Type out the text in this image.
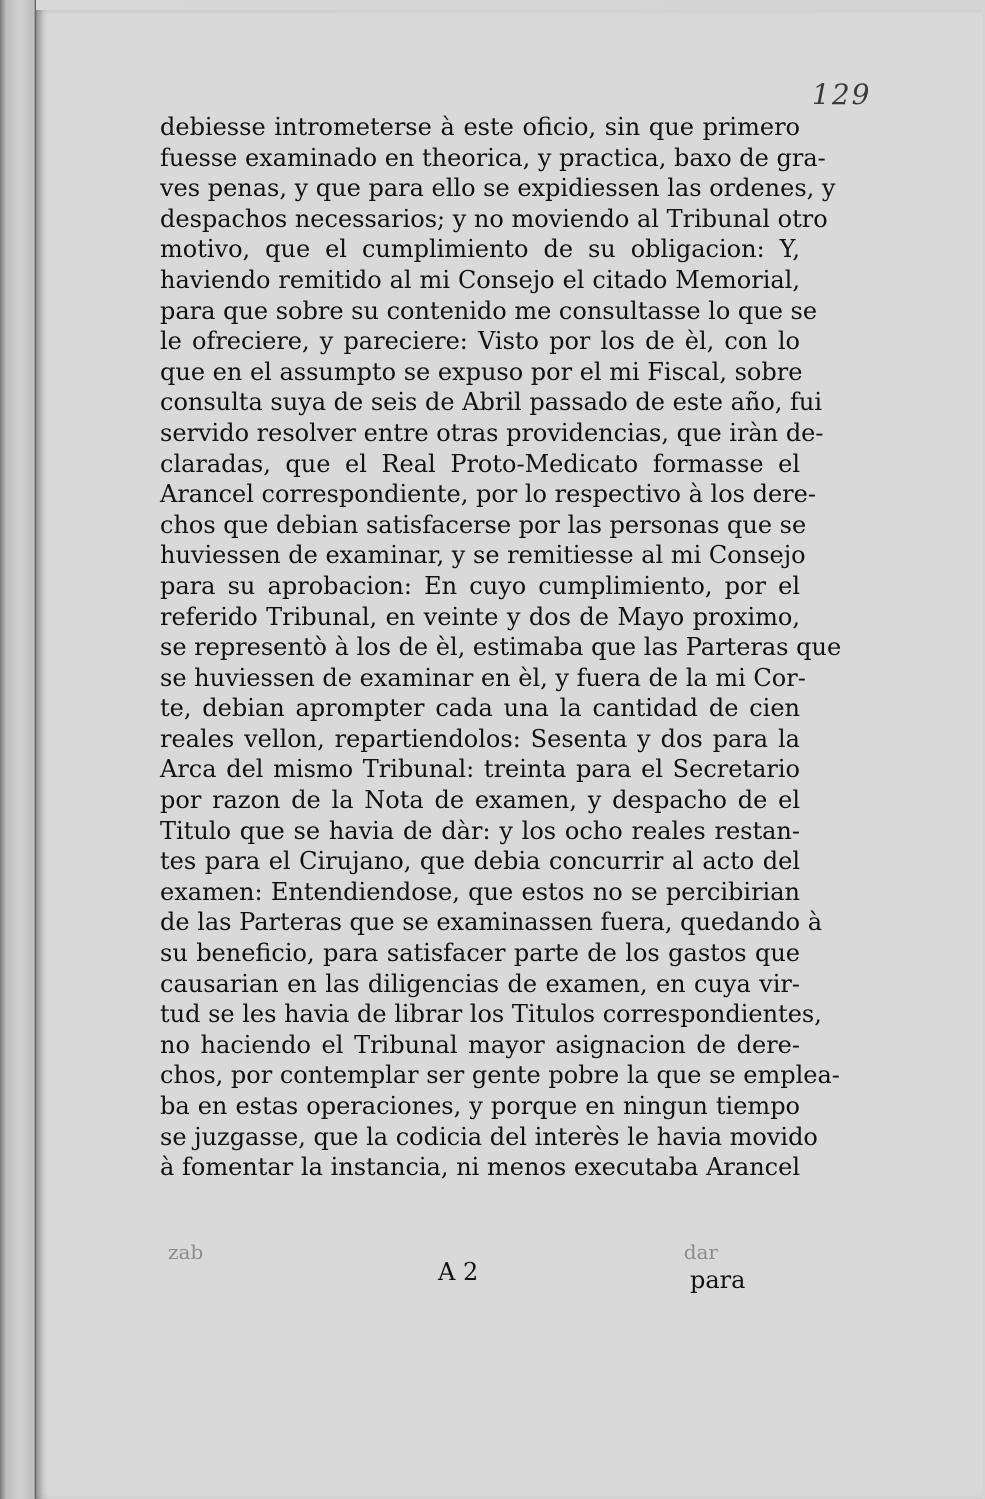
129
debiesse intrometerse à este oficio, sin que primero
fuesse examinado en theorica, y practica, baxo de gra-
ves penas, y que para ello se expidiessen las ordenes, y
despachos necessarios; y no moviendo al Tribunal otro
motivo, que el cumplimiento de su obligacion: Y,
haviendo remitido al mi Consejo el citado Memorial,
para que sobre su contenido me consultasse lo que se
le ofreciere, y pareciere: Visto por los de èl, con lo
que en el assumpto se expuso por el mi Fiscal, sobre
consulta suya de seis de Abril passado de este año, fui
servido resolver entre otras providencias, que iràn de-
claradas, que el Real Proto-Medicato formasse el
Arancel correspondiente, por lo respectivo à los dere-
chos que debian satisfacerse por las personas que se
huviessen de examinar, y se remitiesse al mi Consejo
para su aprobacion: En cuyo cumplimiento, por el
referido Tribunal, en veinte y dos de Mayo proximo,
se representò à los de èl, estimaba que las Parteras que
se huviessen de examinar en èl, y fuera de la mi Cor-
te, debian aprompter cada una la cantidad de cien
reales vellon, repartiendolos: Sesenta y dos para la
Arca del mismo Tribunal: treinta para el Secretario
por razon de la Nota de examen, y despacho de el
Titulo que se havia de dàr: y los ocho reales restan-
tes para el Cirujano, que debia concurrir al acto del
examen: Entendiendose, que estos no se percibirian
de las Parteras que se examinassen fuera, quedando à
su beneficio, para satisfacer parte de los gastos que
causarian en las diligencias de examen, en cuya vir-
tud se les havia de librar los Titulos correspondientes,
no haciendo el Tribunal mayor asignacion de dere-
chos, por contemplar ser gente pobre la que se emplea-
ba en estas operaciones, y porque en ningun tiempo
se juzgasse, que la codicia del interès le havia movido
à fomentar la instancia, ni menos executaba Arancel
zab	dar
A 2	para
